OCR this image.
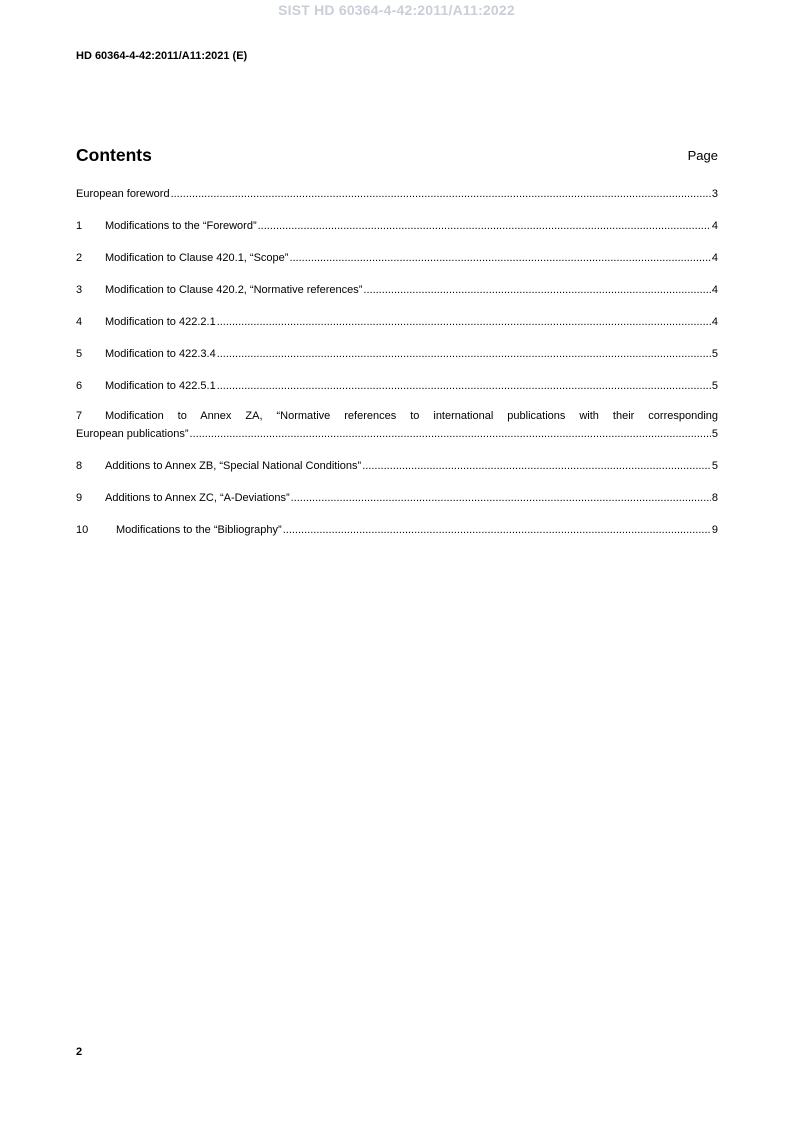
SIST HD 60364-4-42:2011/A11:2022
HD 60364-4-42:2011/A11:2021 (E)
Contents	Page
European foreword .....	3
1	Modifications to the “Foreword” .....	4
2	Modification to Clause 420.1, “Scope” .....	4
3	Modification to Clause 420.2, “Normative references” .....	4
4	Modification to 422.2.1 .....	4
5	Modification to 422.3.4 .....	5
6	Modification to 422.5.1 .....	5
7 Modification to Annex ZA, “Normative references to international publications with their corresponding
European publications” .....	5
8	Additions to Annex ZB, “Special National Conditions” .....	5
9	Additions to Annex ZC, “A-Deviations” .....	8
10	Modifications to the “Bibliography” .....	9
2
